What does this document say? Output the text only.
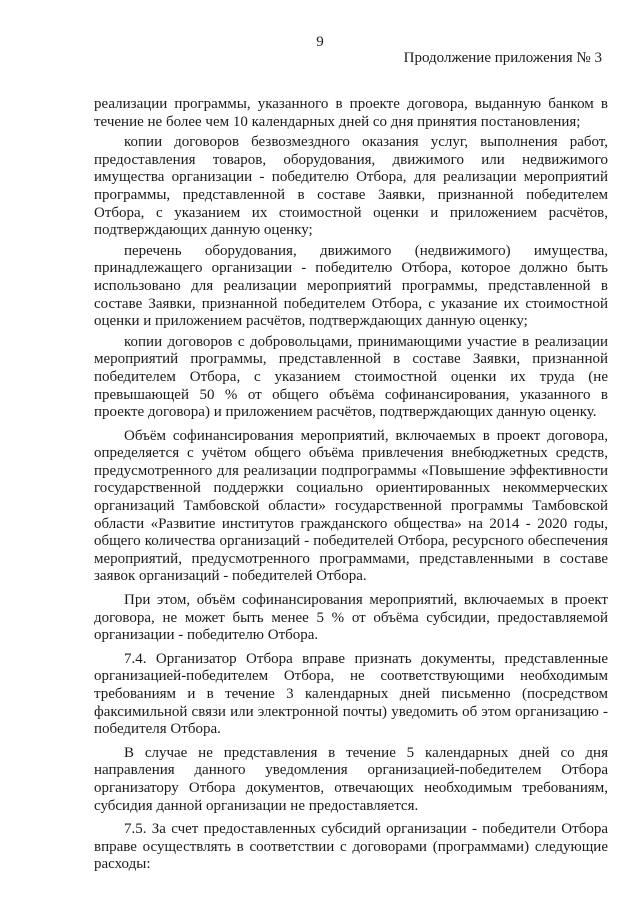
9
Продолжение приложения № 3

реализации программы, указанного в проекте договора, выданную банком в течение не более чем 10 календарных дней со дня принятия постановления;

копии договоров безвозмездного оказания услуг, выполнения работ, предоставления товаров, оборудования, движимого или недвижимого имущества организации - победителю Отбора, для реализации мероприятий программы, представленной в составе Заявки, признанной победителем Отбора, с указанием их стоимостной оценки и приложением расчётов, подтверждающих данную оценку;

перечень оборудования, движимого (недвижимого) имущества, принадлежащего организации - победителю Отбора, которое должно быть использовано для реализации мероприятий программы, представленной в составе Заявки, признанной победителем Отбора, с указание их стоимостной оценки и приложением расчётов, подтверждающих данную оценку;

копии договоров с добровольцами, принимающими участие в реализации мероприятий программы, представленной в составе Заявки, признанной победителем Отбора, с указанием стоимостной оценки их труда (не превышающей 50 % от общего объёма софинансирования, указанного в проекте договора) и приложением расчётов, подтверждающих данную оценку.

Объём софинансирования мероприятий, включаемых в проект договора, определяется с учётом общего объёма привлечения внебюджетных средств, предусмотренного для реализации подпрограммы «Повышение эффективности государственной поддержки социально ориентированных некоммерческих организаций Тамбовской области» государственной программы Тамбовской области «Развитие институтов гражданского общества» на 2014 - 2020 годы, общего количества организаций - победителей Отбора, ресурсного обеспечения мероприятий, предусмотренного программами, представленными в составе заявок организаций - победителей Отбора.

При этом, объём софинансирования мероприятий, включаемых в проект договора, не может быть менее 5 % от объёма субсидии, предоставляемой организации - победителю Отбора.

7.4. Организатор Отбора вправе признать документы, представленные организацией-победителем Отбора, не соответствующими необходимым требованиям и в течение 3 календарных дней письменно (посредством факсимильной связи или электронной почты) уведомить об этом организацию - победителя Отбора.

В случае не представления в течение 5 календарных дней со дня направления данного уведомления организацией-победителем Отбора организатору Отбора документов, отвечающих необходимым требованиям, субсидия данной организации не предоставляется.

7.5. За счет предоставленных субсидий организации - победители Отбора вправе осуществлять в соответствии с договорами (программами) следующие расходы:
